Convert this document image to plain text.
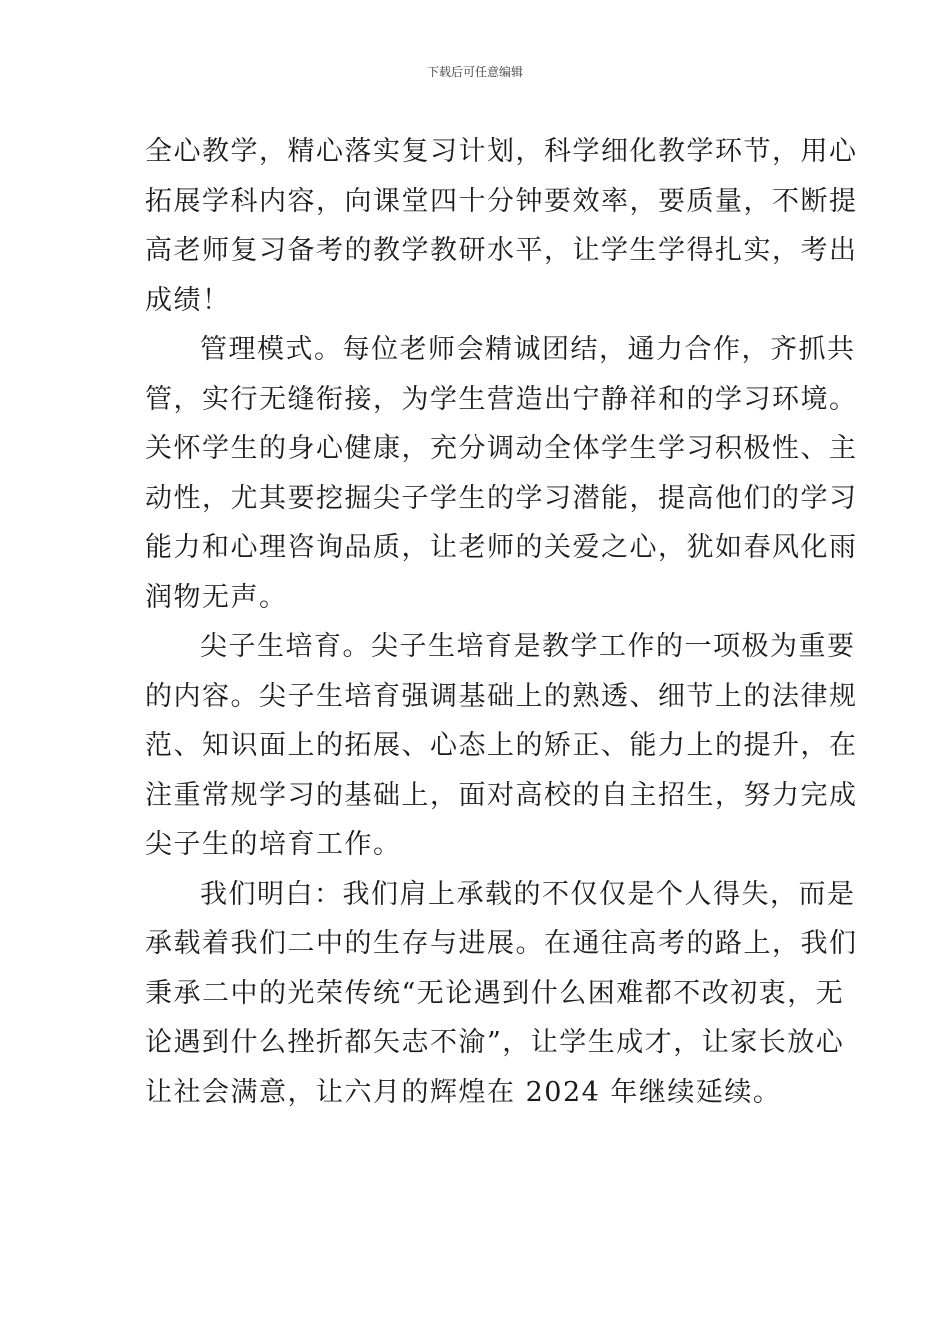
下载后可任意编辑
全心教学，精心落实复习计划，科学细化教学环节，用心
拓展学科内容，向课堂四十分钟要效率，要质量，不断提
高老师复习备考的教学教研水平，让学生学得扎实，考出
成绩！
管理模式。每位老师会精诚团结，通力合作，齐抓共
管，实行无缝衔接，为学生营造出宁静祥和的学习环境。
关怀学生的身心健康，充分调动全体学生学习积极性、主
动性，尤其要挖掘尖子学生的学习潜能，提高他们的学习
能力和心理咨询品质，让老师的关爱之心，犹如春风化雨
润物无声。
尖子生培育。尖子生培育是教学工作的一项极为重要
的内容。尖子生培育强调基础上的熟透、细节上的法律规
范、知识面上的拓展、心态上的矫正、能力上的提升，在
注重常规学习的基础上，面对高校的自主招生，努力完成
尖子生的培育工作。
我们明白：我们肩上承载的不仅仅是个人得失，而是
承载着我们二中的生存与进展。在通往高考的路上，我们
秉承二中的光荣传统“无论遇到什么困难都不改初衷，无
论遇到什么挫折都矢志不渝”，让学生成才，让家长放心
让社会满意，让六月的辉煌在 2024 年继续延续。
